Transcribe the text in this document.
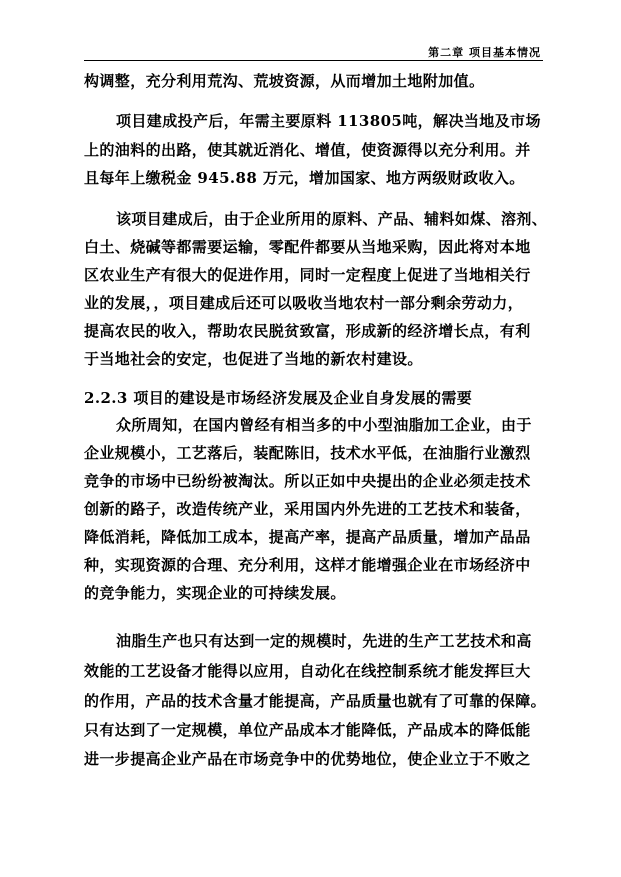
第二章 项目基本情况
构调整，充分利用荒沟、荒坡资源，从而增加土地附加值。
项目建成投产后，年需主要原料 113805吨，解决当地及市场
上的油料的出路，使其就近消化、增值，使资源得以充分利用。并
且每年上缴税金 945.88 万元，增加国家、地方两级财政收入。
该项目建成后，由于企业所用的原料、产品、辅料如煤、溶剂、
白土、烧碱等都需要运输，零配件都要从当地采购，因此将对本地
区农业生产有很大的促进作用，同时一定程度上促进了当地相关行
业的发展，，项目建成后还可以吸收当地农村一部分剩余劳动力，
提高农民的收入，帮助农民脱贫致富，形成新的经济增长点，有利
于当地社会的安定，也促进了当地的新农村建设。
2.2.3 项目的建设是市场经济发展及企业自身发展的需要
众所周知，在国内曾经有相当多的中小型油脂加工企业，由于
企业规模小，工艺落后，装配陈旧，技术水平低，在油脂行业激烈
竞争的市场中已纷纷被淘汰。所以正如中央提出的企业必须走技术
创新的路子，改造传统产业，采用国内外先进的工艺技术和装备，
降低消耗，降低加工成本，提高产率，提高产品质量，增加产品品
种，实现资源的合理、充分利用，这样才能增强企业在市场经济中
的竞争能力，实现企业的可持续发展。
油脂生产也只有达到一定的规模时，先进的生产工艺技术和高
效能的工艺设备才能得以应用，自动化在线控制系统才能发挥巨大
的作用，产品的技术含量才能提高，产品质量也就有了可靠的保障。
只有达到了一定规模，单位产品成本才能降低，产品成本的降低能
进一步提高企业产品在市场竞争中的优势地位，使企业立于不败之
